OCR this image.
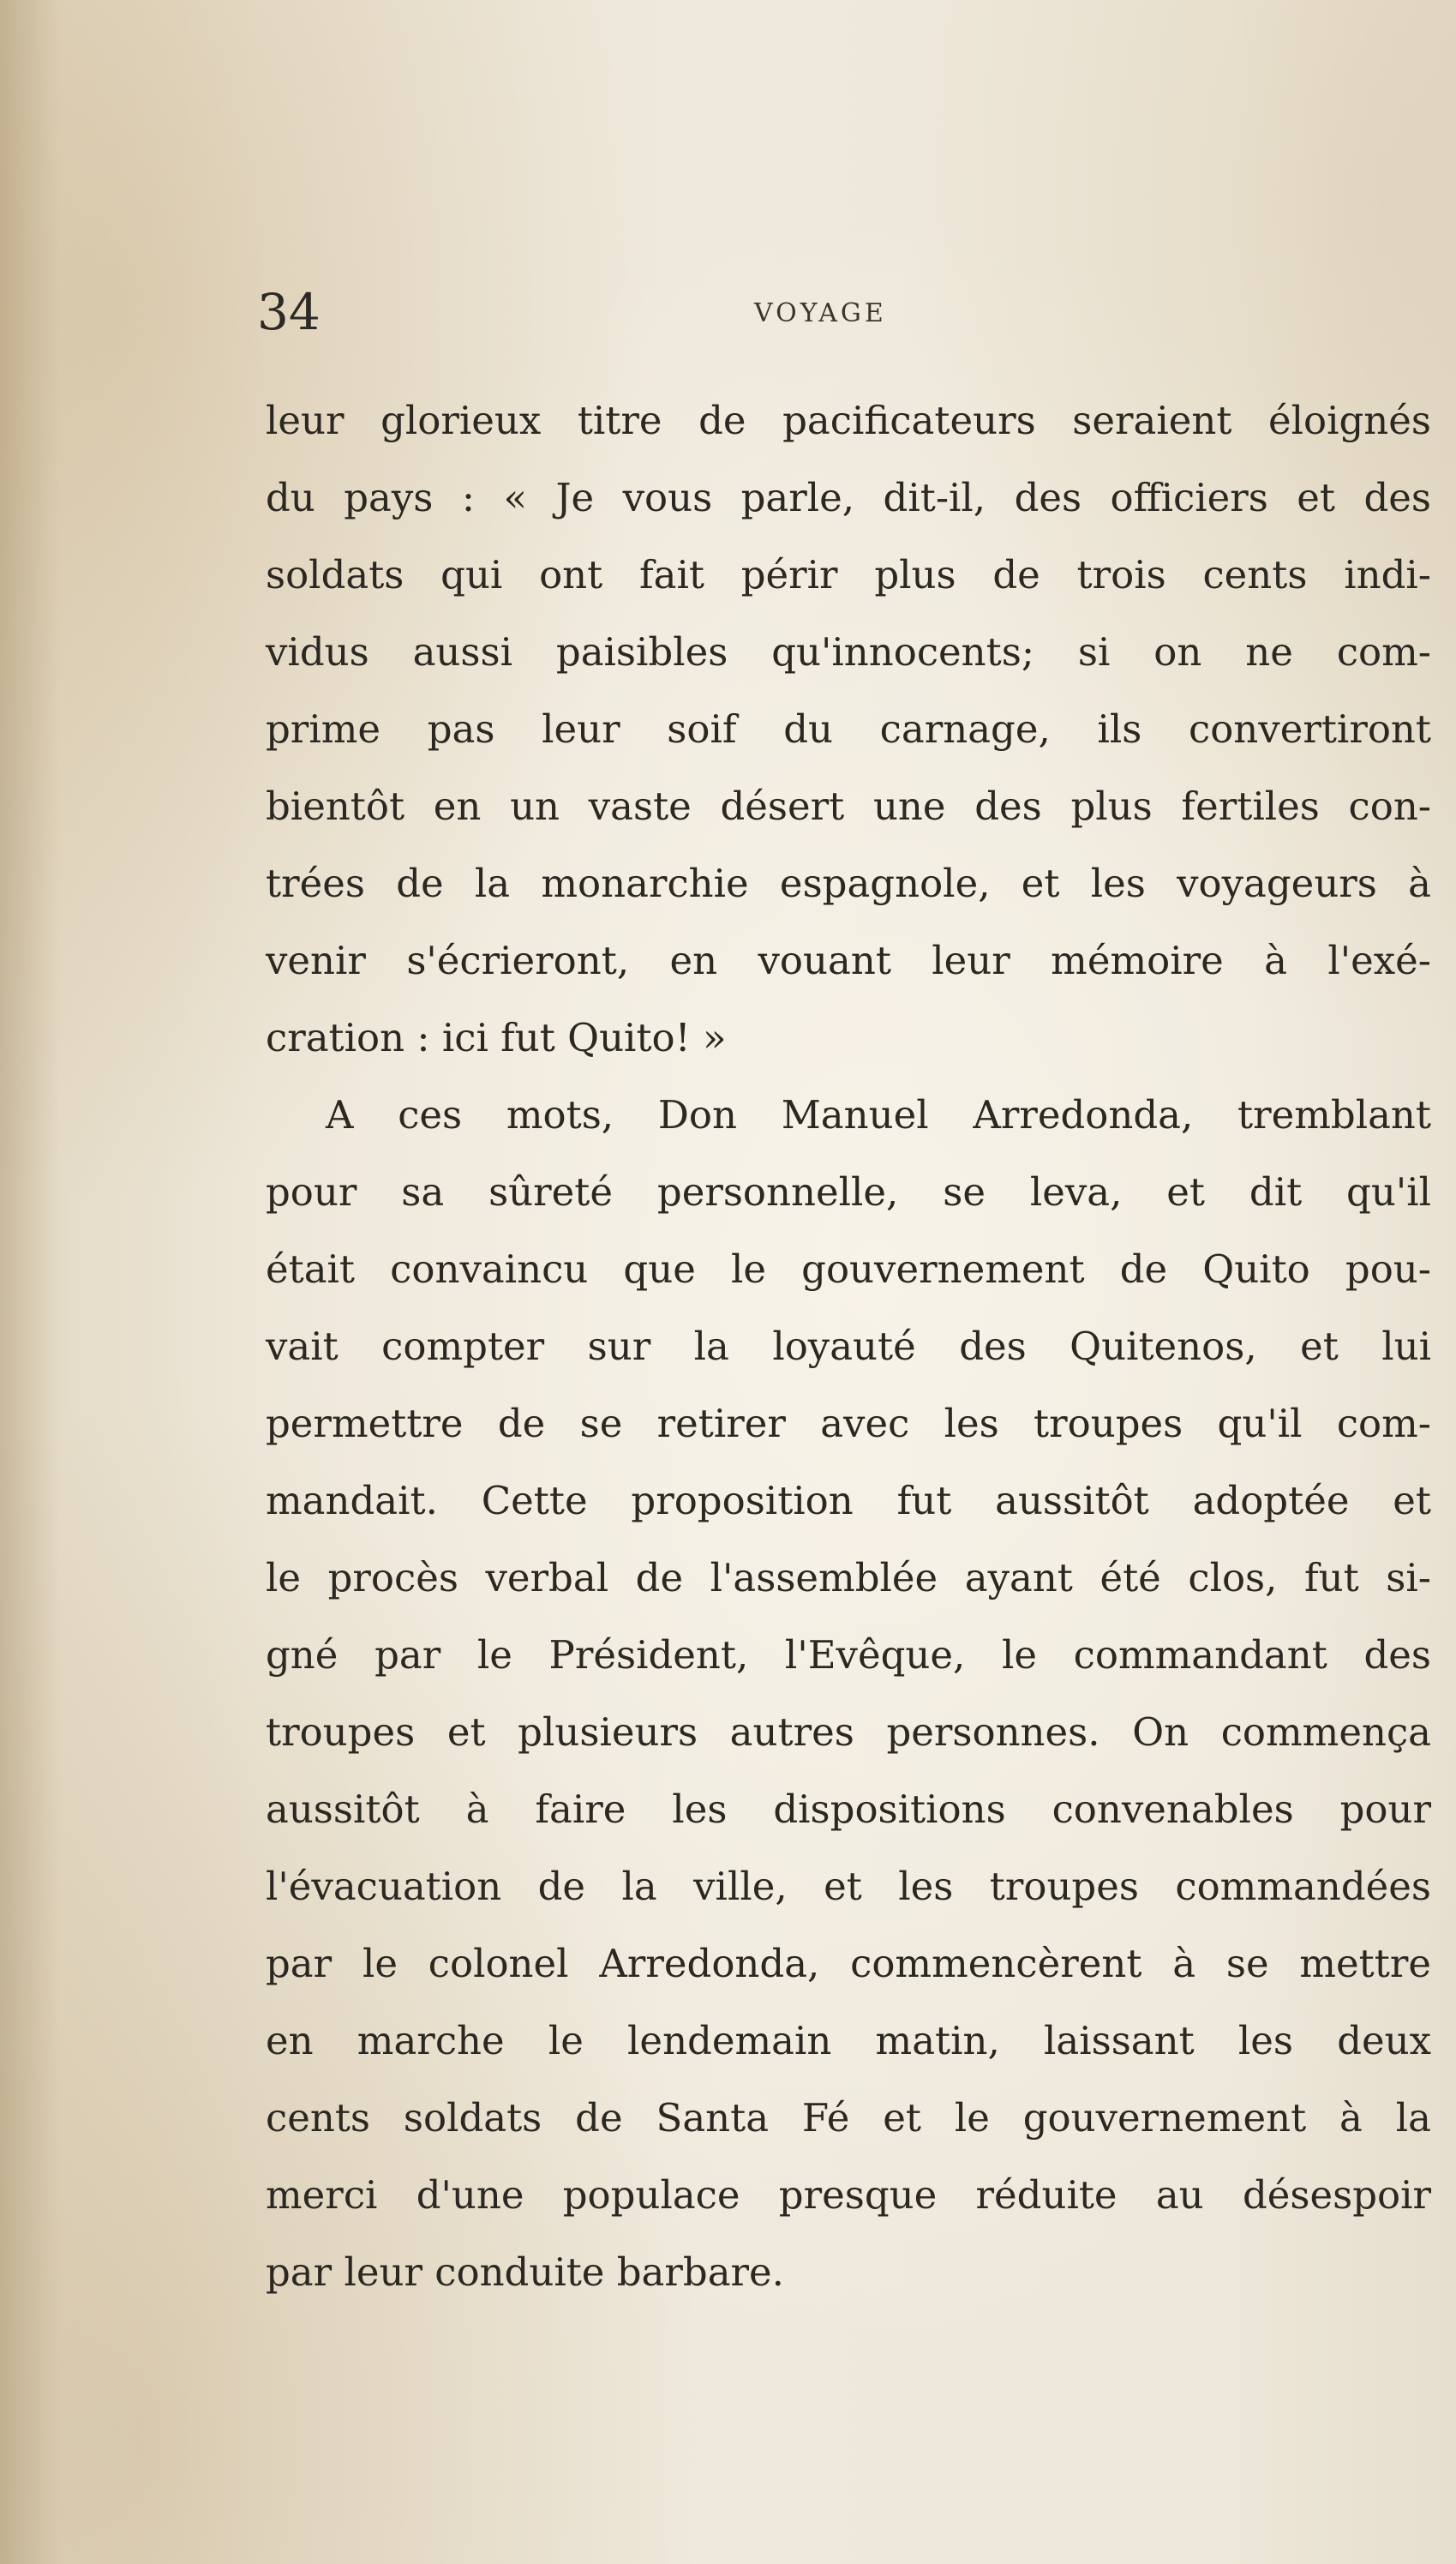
34	VOYAGE
leur glorieux titre de pacificateurs seraient éloignés
du pays : « Je vous parle, dit-il, des officiers et des
soldats qui ont fait périr plus de trois cents indi-
vidus aussi paisibles qu'innocents; si on ne com-
prime pas leur soif du carnage, ils convertiront
bientôt en un vaste désert une des plus fertiles con-
trées de la monarchie espagnole, et les voyageurs à
venir s'écrieront, en vouant leur mémoire à l'exé-
cration : ici fut Quito! »
A ces mots, Don Manuel Arredonda, tremblant
pour sa sûreté personnelle, se leva, et dit qu'il
était convaincu que le gouvernement de Quito pou-
vait compter sur la loyauté des Quitenos, et lui
permettre de se retirer avec les troupes qu'il com-
mandait. Cette proposition fut aussitôt adoptée et
le procès verbal de l'assemblée ayant été clos, fut si-
gné par le Président, l'Evêque, le commandant des
troupes et plusieurs autres personnes. On commença
aussitôt à faire les dispositions convenables pour
l'évacuation de la ville, et les troupes commandées
par le colonel Arredonda, commencèrent à se mettre
en marche le lendemain matin, laissant les deux
cents soldats de Santa Fé et le gouvernement à la
merci d'une populace presque réduite au désespoir
par leur conduite barbare.
